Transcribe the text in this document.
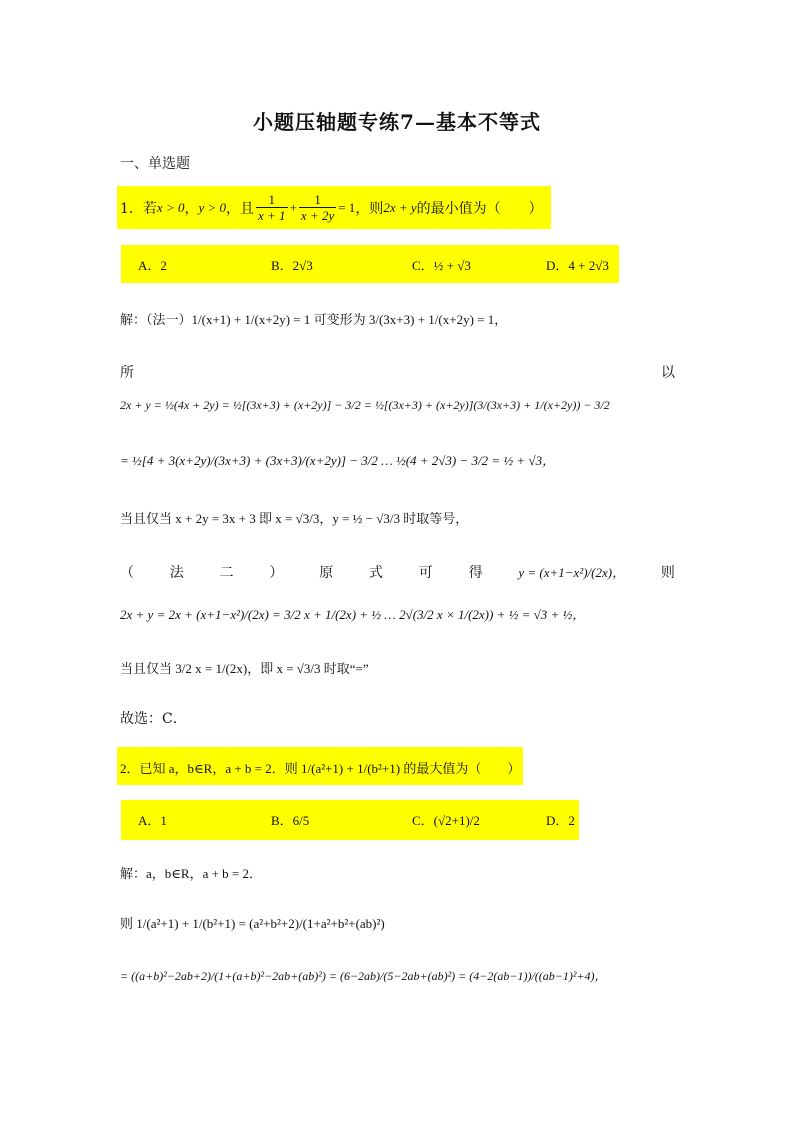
小题压轴题专练7—基本不等式
一、单选题
1．若 x > 0 ， y > 0 ，且 $\frac{1}{x + 1} + \frac{1}{x + 2y} = 1$ ，则 2x + y 的最小值为（　　）
A．2	B．2√3	C．½ + √3	D．4 + 2√3
解：（法一）1/(x+1) + 1/(x+2y) = 1 可变形为 3/(3x+3) + 1/(x+2y) = 1，
所	以
2x + y = ½(4x + 2y) = ½[(3x+3) + (x+2y)] − 3/2 = ½[(3x+3) + (x+2y)](3/(3x+3) + 1/(x+2y)) − 3/2
= ½[4 + 3(x+2y)/(3x+3) + (3x+3)/(x+2y)] − 3/2 … ½(4 + 2√3) − 3/2 = ½ + √3，
当且仅当 x + 2y = 3x + 3 即 x = √3/3，y = ½ − √3/3 时取等号，
（	法	二	）	原	式	可	得	y = (x+1−x²)/(2x)，	则
2x + y = 2x + (x+1−x²)/(2x) = 3/2 x + 1/(2x) + ½ … 2√(3/2 x × 1/(2x)) + ½ = √3 + ½，
当且仅当 3/2 x = 1/(2x)，即 x = √3/3 时取“=”
故选：C．
2．已知 a，b∈R，a + b = 2．则 1/(a²+1) + 1/(b²+1) 的最大值为（　　）
A．1	B．6/5	C．(√2+1)/2	D．2
解：a，b∈R，a + b = 2．
则 1/(a²+1) + 1/(b²+1) = (a²+b²+2)/(1+a²+b²+(ab)²)
= ((a+b)²−2ab+2)/(1+(a+b)²−2ab+(ab)²) = (6−2ab)/(5−2ab+(ab)²) = (4−2(ab−1))/((ab−1)²+4)，
